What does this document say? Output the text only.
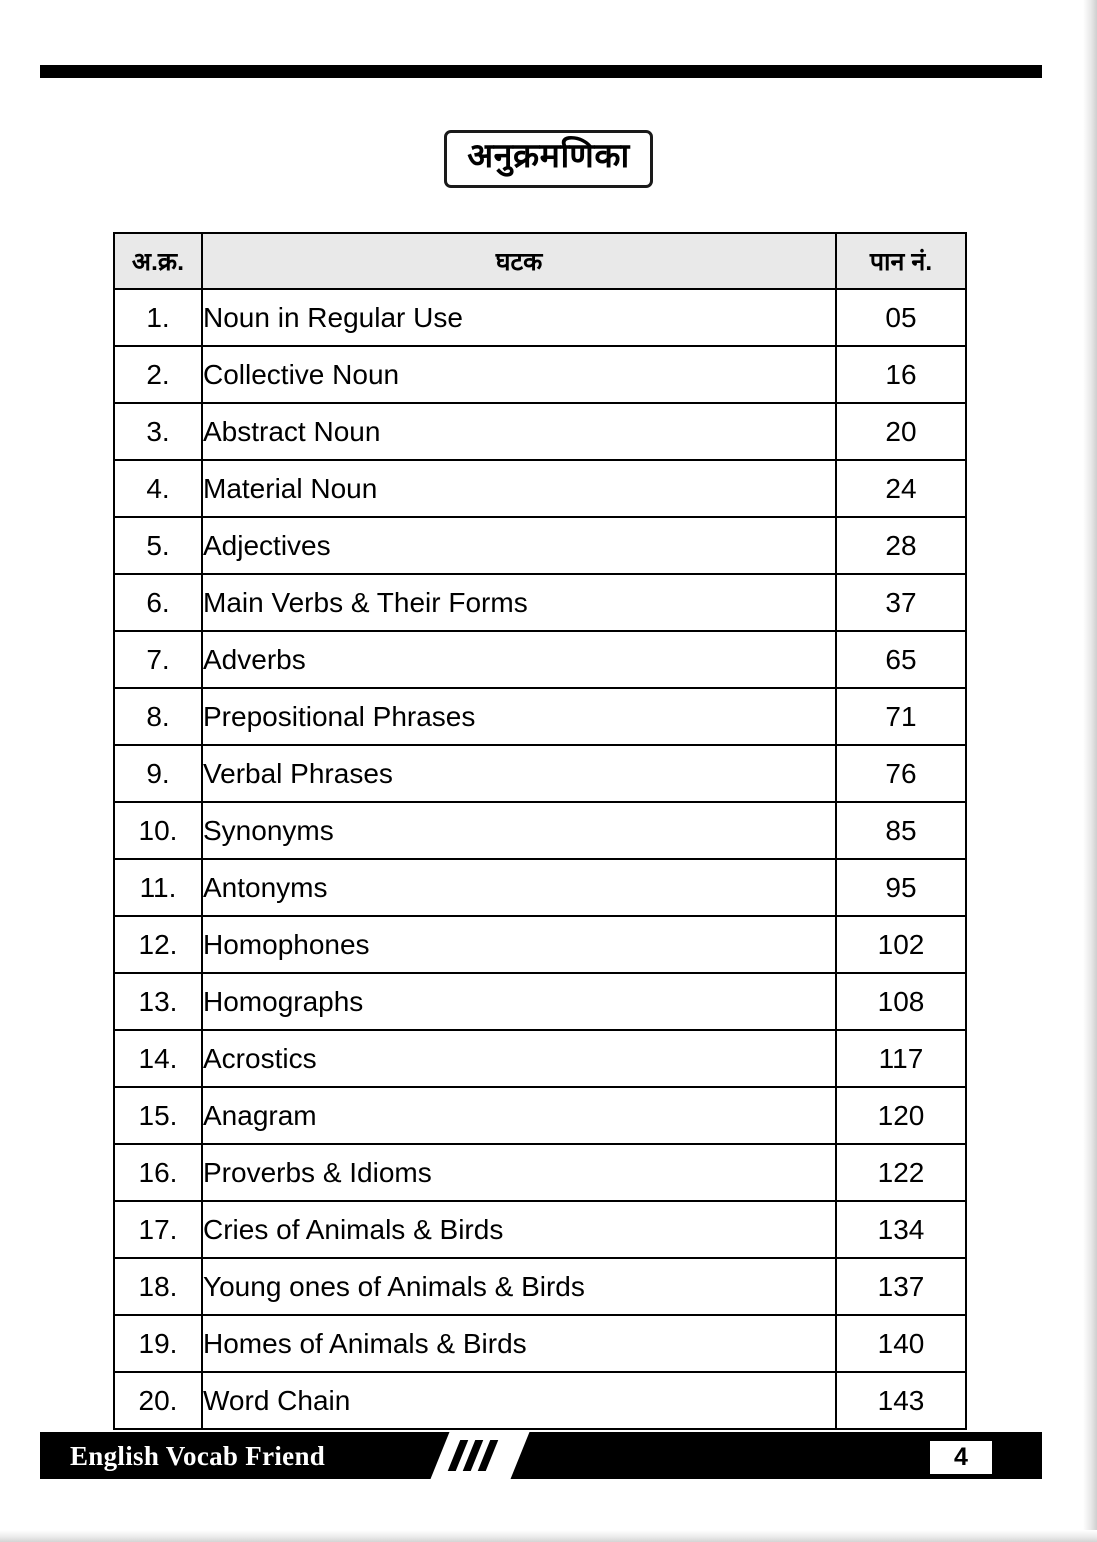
अनुक्रमणिका
अ.क्र.	घटक	पान नं.
1.	Noun in Regular Use	05
2.	Collective Noun	16
3.	Abstract Noun	20
4.	Material Noun	24
5.	Adjectives	28
6.	Main Verbs & Their Forms	37
7.	Adverbs	65
8.	Prepositional Phrases	71
9.	Verbal Phrases	76
10.	Synonyms	85
11.	Antonyms	95
12.	Homophones	102
13.	Homographs	108
14.	Acrostics	117
15.	Anagram	120
16.	Proverbs & Idioms	122
17.	Cries of Animals & Birds	134
18.	Young ones of Animals & Birds	137
19.	Homes of Animals & Birds	140
20.	Word Chain	143
English Vocab Friend	4
